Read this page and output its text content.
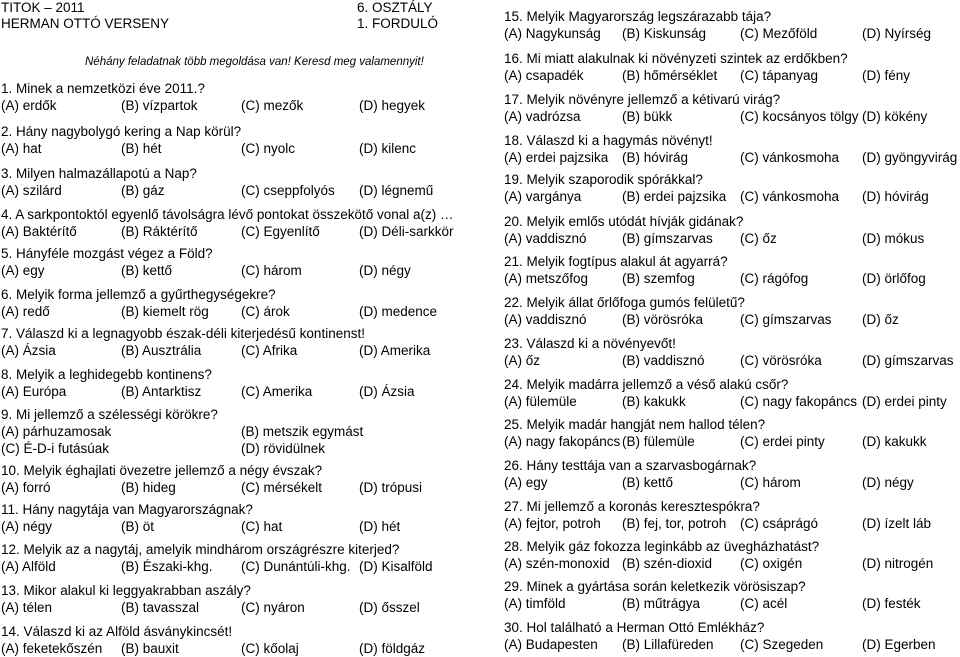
TITOK – 2011
HERMAN OTTÓ VERSENY
6. OSZTÁLY
1. FORDULÓ
Néhány feladatnak több megoldása van! Keresd meg valamennyit!
1. Minek a nemzetközi éve 2011.?
(A) erdők	(B) vízpartok	(C) mezők	(D) hegyek
2. Hány nagybolygó kering a Nap körül?
(A) hat	(B) hét	(C) nyolc	(D) kilenc
3. Milyen halmazállapotú a Nap?
(A) szilárd	(B) gáz	(C) cseppfolyós (D) légnemű
4. A sarkpontoktól egyenlő távolságra lévő pontokat összekötő vonal a(z) …
(A) Baktérítő	(B) Ráktérítő	(C) Egyenlítő	(D) Déli-sarkkör
5. Hányféle mozgást végez a Föld?
(A) egy	(B) kettő	(C) három	(D) négy
6. Melyik forma jellemző a gyűrthegységekre?
(A) redő	(B) kiemelt rög (C) árok	(D) medence
7. Válaszd ki a legnagyobb észak-déli kiterjedésű kontinenst!
(A) Ázsia	(B) Ausztrália	(C) Afrika	(D) Amerika
8. Melyik a leghidegebb kontinens?
(A) Európa	(B) Antarktisz	(C) Amerika	(D) Ázsia
9. Mi jellemző a szélességi körökre?
(A) párhuzamosak	(B) metszik egymást
(C) É-D-i futásúak	(D) rövidülnek
10. Melyik éghajlati övezetre jellemző a négy évszak?
(A) forró	(B) hideg	(C) mérsékelt	(D) trópusi
11. Hány nagytája van Magyarországnak?
(A) négy	(B) öt	(C) hat	(D) hét
12. Melyik az a nagytáj, amelyik mindhárom országrészre kiterjed?
(A) Alföld	(B) Északi-khg. (C) Dunántúli-khg. (D) Kisalföld
13. Mikor alakul ki leggyakrabban aszály?
(A) télen	(B) tavasszal	(C) nyáron	(D) ősszel
14. Válaszd ki az Alföld ásványkincsét!
(A) feketekőszén (B) bauxit	(C) kőolaj	(D) földgáz
15. Melyik Magyarország legszárazabb tája?
(A) Nagykunság (B) Kiskunság	(C) Mezőföld	(D) Nyírség
16. Mi miatt alakulnak ki növényzeti szintek az erdőkben?
(A) csapadék	(B) hőmérséklet (C) tápanyag	(D) fény
17. Melyik növényre jellemző a kétivarú virág?
(A) vadrózsa	(B) bükk	(C) kocsányos tölgy (D) kökény
18. Válaszd ki a hagymás növényt!
(A) erdei pajzsika (B) hóvirág	(C) vánkosmoha (D) gyöngyvirág
19. Melyik szaporodik spórákkal?
(A) vargánya	(B) erdei pajzsika (C) vánkosmoha (D) hóvirág
20. Melyik emlős utódát hívják gidának?
(A) vaddisznó	(B) gímszarvas (C) őz	(D) mókus
21. Melyik fogtípus alakul át agyarrá?
(A) metszőfog	(B) szemfog	(C) rágófog	(D) örlőfog
22. Melyik állat őrlőfoga gumós felületű?
(A) vaddisznó	(B) vörösróka	(C) gímszarvas (D) őz
23. Válaszd ki a növényevőt!
(A) őz	(B) vaddisznó	(C) vörösróka	(D) gímszarvas
24. Melyik madárra jellemző a véső alakú csőr?
(A) fülemüle	(B) kakukk	(C) nagy fakopáncs (D) erdei pinty
25. Melyik madár hangját nem hallod télen?
(A) nagy fakopáncs (B) fülemüle	(C) erdei pinty	(D) kakukk
26. Hány testtája van a szarvasbogárnak?
(A) egy	(B) kettő	(C) három	(D) négy
27. Mi jellemző a koronás keresztespókra?
(A) fejtor, potroh (B) fej, tor, potroh (C) csáprágó	(D) ízelt láb
28. Melyik gáz fokozza leginkább az üvegházhatást?
(A) szén-monoxid (B) szén-dioxid (C) oxigén	(D) nitrogén
29. Minek a gyártása során keletkezik vörösiszap?
(A) timföld	(B) műtrágya	(C) acél	(D) festék
30. Hol található a Herman Ottó Emlékház?
(A) Budapesten (B) Lillafüreden (C) Szegeden	(D) Egerben
